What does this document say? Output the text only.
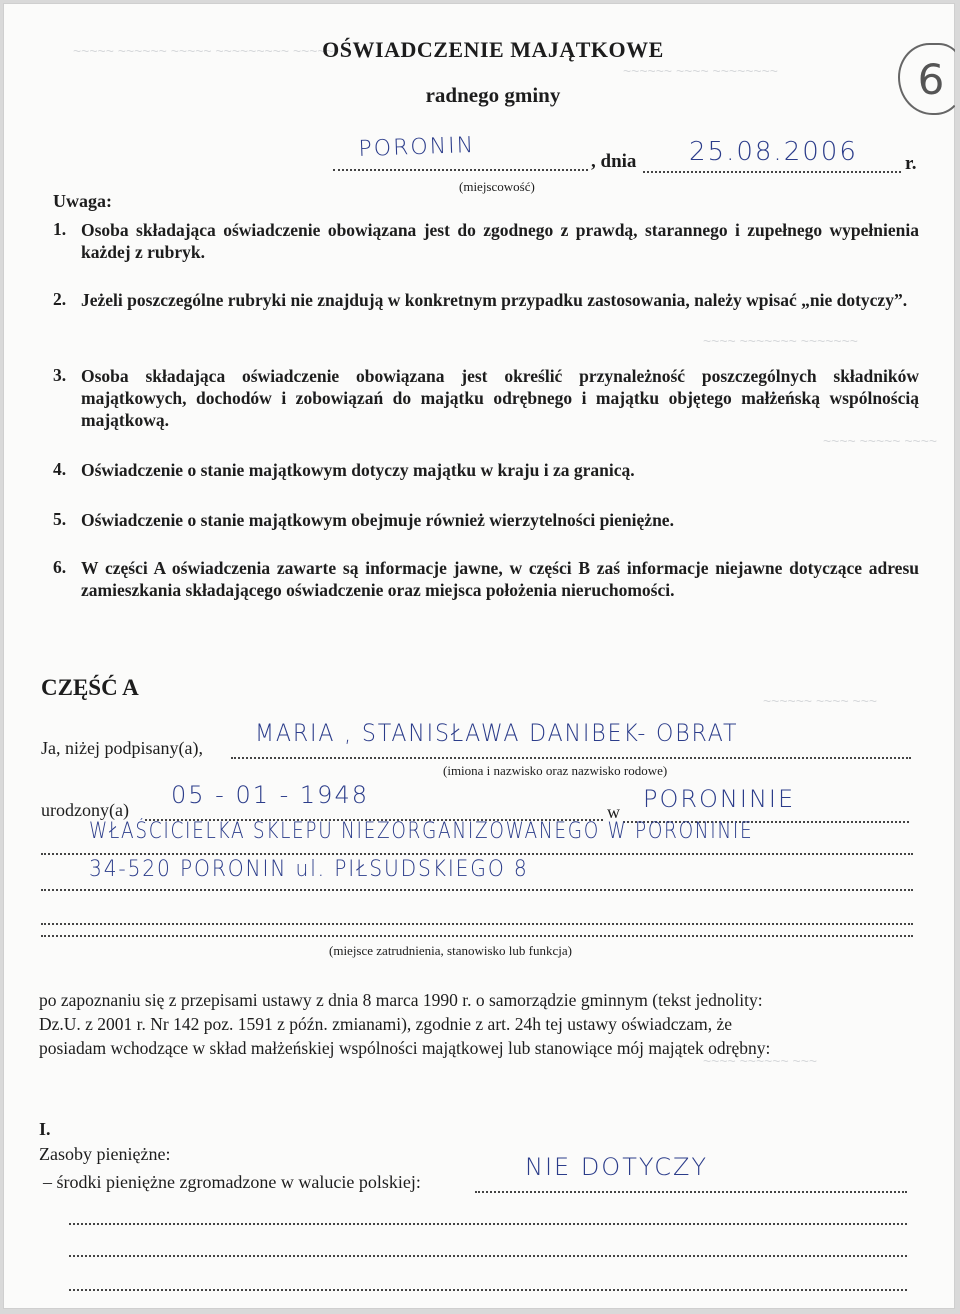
~~~~~ ~~~~~~ ~~~~~ ~~~~~~~~~ ~~~~~
~~~~~~ ~~~~ ~~~~~~~~
~~~~ ~~~~~~~ ~~~~~~~
~~~~ ~~~~~ ~~~~
~~~~~~ ~~~~ ~~~
~~~~ ~~~~~~ ~~~
6
OŚWIADCZENIE MAJĄTKOWE
radnego gminy
PORONIN	, dnia 25.08.2006 r.
(miejscowość)
Uwaga:
1. Osoba składająca oświadczenie obowiązana jest do zgodnego z prawdą, starannego i zupełnego wypełnienia każdej z rubryk.
2. Jeżeli poszczególne rubryki nie znajdują w konkretnym przypadku zastosowania, należy wpisać „nie dotyczy”.
3. Osoba składająca oświadczenie obowiązana jest określić przynależność poszczególnych składników majątkowych, dochodów i zobowiązań do majątku odrębnego i majątku objętego małżeńską wspólnością majątkową.
4. Oświadczenie o stanie majątkowym dotyczy majątku w kraju i za granicą.
5. Oświadczenie o stanie majątkowym obejmuje również wierzytelności pieniężne.
6. W części A oświadczenia zawarte są informacje jawne, w części B zaś informacje niejawne dotyczące adresu zamieszkania składającego oświadczenie oraz miejsca położenia nieruchomości.
CZĘŚĆ A
Ja, niżej podpisany(a),
MARIA , STANISŁAWA DANIBEK- OBRAT
(imiona i nazwisko oraz nazwisko rodowe)
urodzony(a)
05 - 01 - 1948
w PORONINIE
WŁAŚCICIELKA SKLEPU NIEZORGANIZOWANEGO W PORONINIE
34-520 PORONIN ul. PIŁSUDSKIEGO 8
(miejsce zatrudnienia, stanowisko lub funkcja)
po zapoznaniu się z przepisami ustawy z dnia 8 marca 1990 r. o samorządzie gminnym (tekst jednolity:
Dz.U. z 2001 r. Nr 142 poz. 1591 z późn. zmianami), zgodnie z art. 24h tej ustawy oświadczam, że
posiadam wchodzące w skład małżeńskiej wspólności majątkowej lub stanowiące mój majątek odrębny:
I.
Zasoby pieniężne:
– środki pieniężne zgromadzone w walucie polskiej:
NIE DOTYCZY
